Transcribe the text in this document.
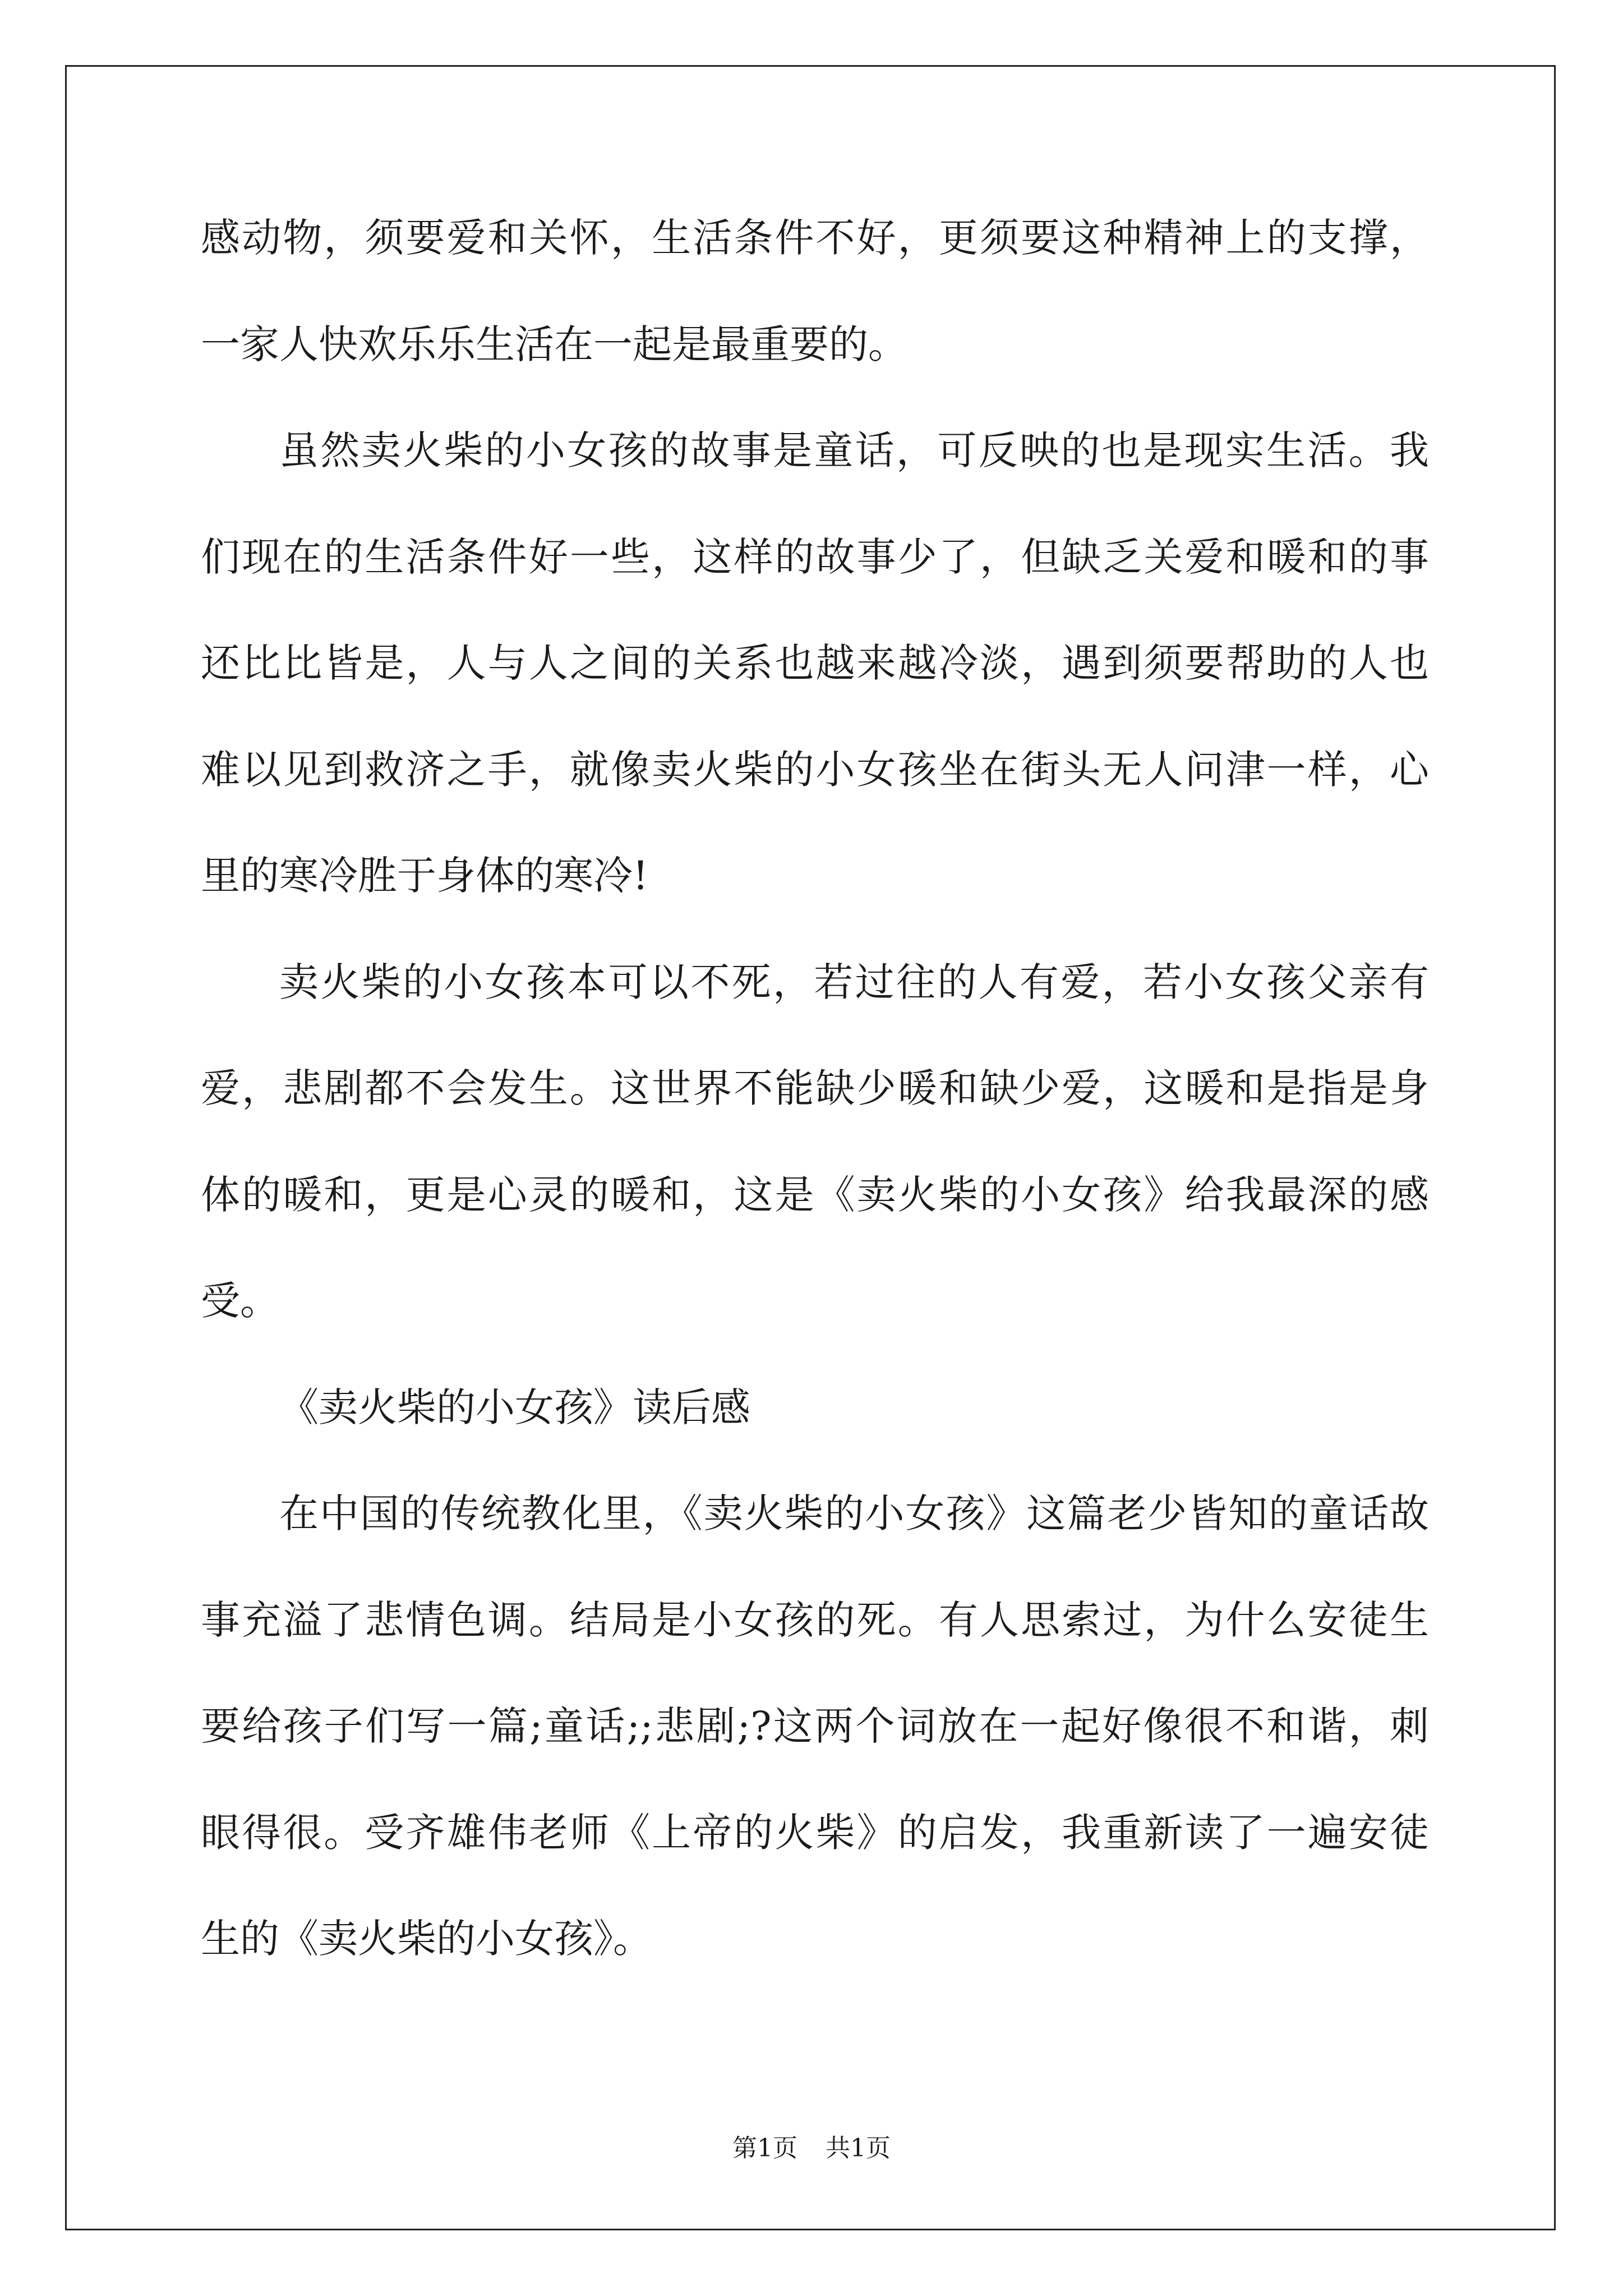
感动物，须要爱和关怀，生活条件不好，更须要这种精神上的支撑，
一家人快欢乐乐生活在一起是最重要的。
虽然卖火柴的小女孩的故事是童话，可反映的也是现实生活。我
们现在的生活条件好一些，这样的故事少了，但缺乏关爱和暖和的事
还比比皆是，人与人之间的关系也越来越冷淡，遇到须要帮助的人也
难以见到救济之手，就像卖火柴的小女孩坐在街头无人问津一样，心
里的寒冷胜于身体的寒冷!
卖火柴的小女孩本可以不死，若过往的人有爱，若小女孩父亲有
爱，悲剧都不会发生。这世界不能缺少暖和缺少爱，这暖和是指是身
体的暖和，更是心灵的暖和，这是《卖火柴的小女孩》给我最深的感
受。
《卖火柴的小女孩》读后感
在中国的传统教化里，《卖火柴的小女孩》这篇老少皆知的童话故
事充溢了悲情色调。结局是小女孩的死。有人思索过，为什么安徒生
要给孩子们写一篇;童话;;悲剧;?这两个词放在一起好像很不和谐，刺
眼得很。受齐雄伟老师《上帝的火柴》的启发，我重新读了一遍安徒
生的《卖火柴的小女孩》。
第1页 共1页
